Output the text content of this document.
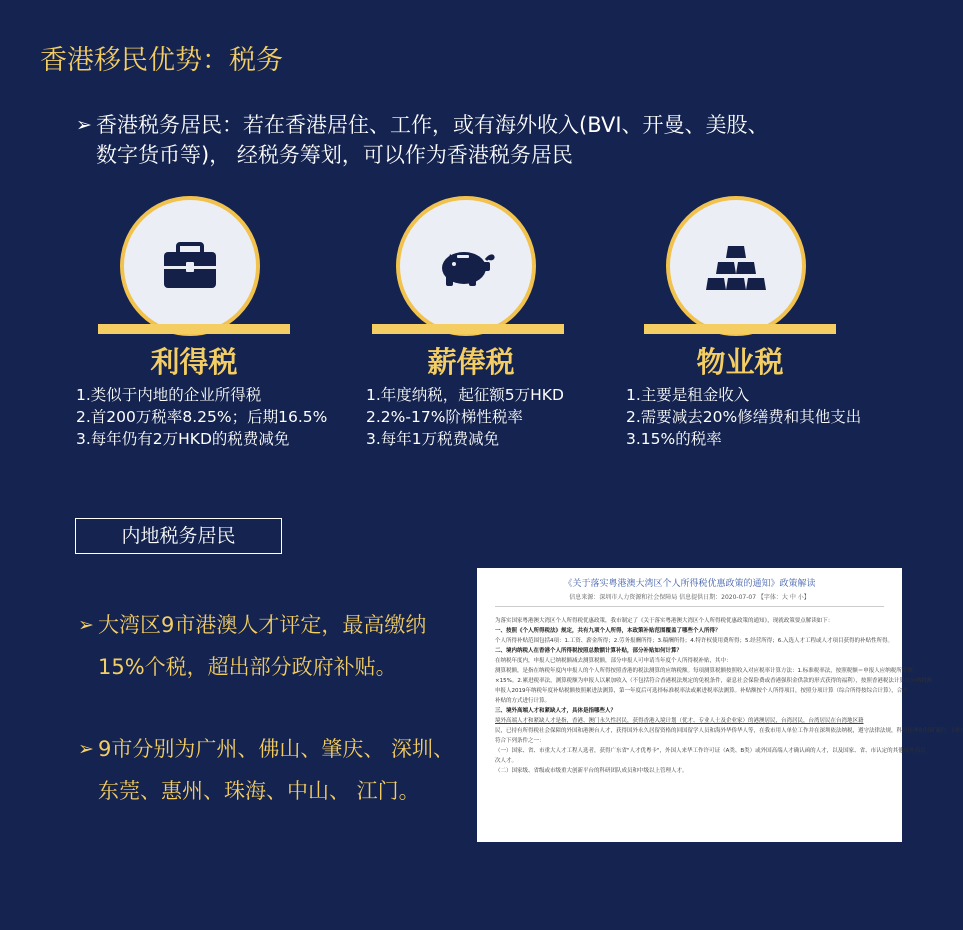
香港移民优势：税务
➢ 香港税务居民：若在香港居住、工作，或有海外收入(BVI、开曼、美股、
数字货币等)， 经税务筹划，可以作为香港税务居民
利得税
1.类似于内地的企业所得税
2.首200万税率8.25%；后期16.5%
3.每年仍有2万HKD的税费减免
薪俸税
1.年度纳税，起征额5万HKD
2.2%-17%阶梯性税率
3.每年1万税费减免
物业税
1.主要是租金收入
2.需要减去20%修缮费和其他支出
3.15%的税率
内地税务居民
➢ 大湾区9市港澳人才评定，最高缴纳
15%个税，超出部分政府补贴。
➢ 9市分别为广州、佛山、肇庆、 深圳、
东莞、惠州、珠海、中山、 江门。
《关于落实粤港澳大湾区个人所得税优惠政策的通知》政策解读
信息来源：深圳市人力资源和社会保障局 信息提供日期：2020-07-07 【字体：大 中 小】
为落实国家粤港澳大湾区个人所得税优惠政策，我市制定了《关于落实粤港澳大湾区个人所得税优惠政策的通知》，现就政策要点解读如下：
一、按照《个人所得税法》规定，共有九项个人所得，本政策补贴范围覆盖了哪些个人所得？
个人所得补贴范围包括4项：1.工资、薪金所得；2.劳务报酬所得；3.稿酬所得；4.特许权使用费所得；5.经营所得；6.入选人才工程或人才项目获得的补贴性所得。
二、境内纳税人在香港个人所得税按照总数额计算补贴，部分补贴如何计算？
在纳税年度内，申报人已纳税额减去测算税额，部分申报人可申请当年度个人所得税补贴，其中：
测算税额，是指在纳税年度内申报人的个人所得按照香港的税法测算的应纳税额。每项测算税额按照收入对应税率计算方法：1.标准税率法，按照税额＝申报人应纳税所得额
×15%。2.累进税率法，测算税额为申报人以累加收入（不包括符合香港税法规定的免税条件，豪息社会保险费或香港强积金供款的形式获得的福利），按照香港税法计算的应纳税额。
申报人2019年纳税年度补贴税额按照累进法测算，第一年度后可选择标准税率法或累进税率法测算。补贴额按个人所得项目，按照分项计算（综合所得按综合计算），合并
补贴的方式进行计算。
三、境外高端人才和紧缺人才，具体是指哪些人？
境外高端人才和紧缺人才是指，香港、澳门永久性居民，获得香港入境计划（优才、专业人士及企业家）的港澳居民，台湾居民，台湾居民在台湾地区籍
民，已持有所得税社会保障的外国和港澳台人才，获得国外永久居留资格的回国留学人员和海外华侨华人等，在我市用人单位工作并在深圳依法纳税，遵守法律法规，科研伦理和科研诚信，同时
符合下列条件之一：
（一）国家、省、市重大人才工程人选者，获得广东省"人才优粤卡"，外国人来华工作许可证（A类、B类）或外国高端人才确认函的人才，以及国家、省、市认定的其他境外高层
次人才。
（二）国家级、省级或市级重大创新平台的科研团队成员和中级以上管理人才。
